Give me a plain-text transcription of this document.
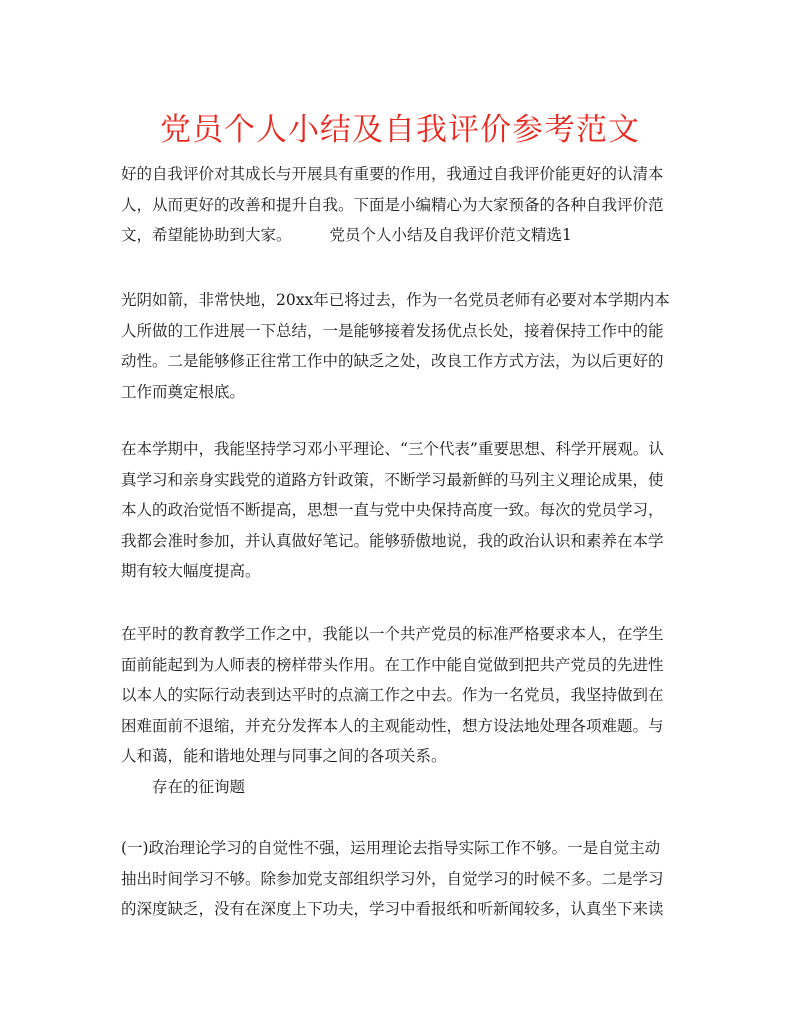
党员个人小结及自我评价参考范文
好的自我评价对其成长与开展具有重要的作用，我通过自我评价能更好的认清本
人，从而更好的改善和提升自我。下面是小编精心为大家预备的各种自我评价范
文，希望能协助到大家。 党员个人小结及自我评价范文精选1
光阴如箭，非常快地，20xx年已将过去，作为一名党员老师有必要对本学期内本
人所做的工作进展一下总结，一是能够接着发扬优点长处，接着保持工作中的能
动性。二是能够修正往常工作中的缺乏之处，改良工作方式方法，为以后更好的
工作而奠定根底。
在本学期中，我能坚持学习邓小平理论、“三个代表”重要思想、科学开展观。认
真学习和亲身实践党的道路方针政策，不断学习最新鲜的马列主义理论成果，使
本人的政治觉悟不断提高，思想一直与党中央保持高度一致。每次的党员学习，
我都会准时参加，并认真做好笔记。能够骄傲地说，我的政治认识和素养在本学
期有较大幅度提高。
在平时的教育教学工作之中，我能以一个共产党员的标准严格要求本人，在学生
面前能起到为人师表的榜样带头作用。在工作中能自觉做到把共产党员的先进性
以本人的实际行动表到达平时的点滴工作之中去。作为一名党员，我坚持做到在
困难面前不退缩，并充分发挥本人的主观能动性，想方设法地处理各项难题。与
人和蔼，能和谐地处理与同事之间的各项关系。
存在的征询题
(一)政治理论学习的自觉性不强，运用理论去指导实际工作不够。一是自觉主动
抽出时间学习不够。除参加党支部组织学习外，自觉学习的时候不多。二是学习
的深度缺乏，没有在深度上下功夫，学习中看报纸和听新闻较多，认真坐下来读
